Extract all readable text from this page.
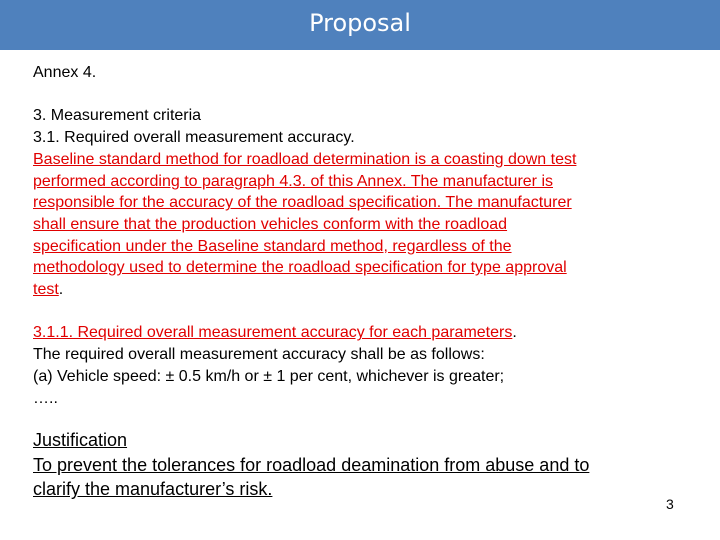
Proposal
Annex 4.
3. Measurement criteria
3.1. Required overall measurement accuracy.
Baseline standard method for roadload determination is a coasting down test
performed according to paragraph 4.3. of this Annex. The manufacturer is
responsible for the accuracy of the roadload specification. The manufacturer
shall ensure that the production vehicles conform with the roadload
specification under the Baseline standard method, regardless of the
methodology used to determine the roadload specification for type approval
test.
3.1.1. Required overall measurement accuracy for each parameters.
The required overall measurement accuracy shall be as follows:
(a) Vehicle speed: ± 0.5 km/h or ± 1 per cent, whichever is greater;
…..
Justification
To prevent the tolerances for roadload deamination from abuse and to
clarify the manufacturer’s risk.
3
